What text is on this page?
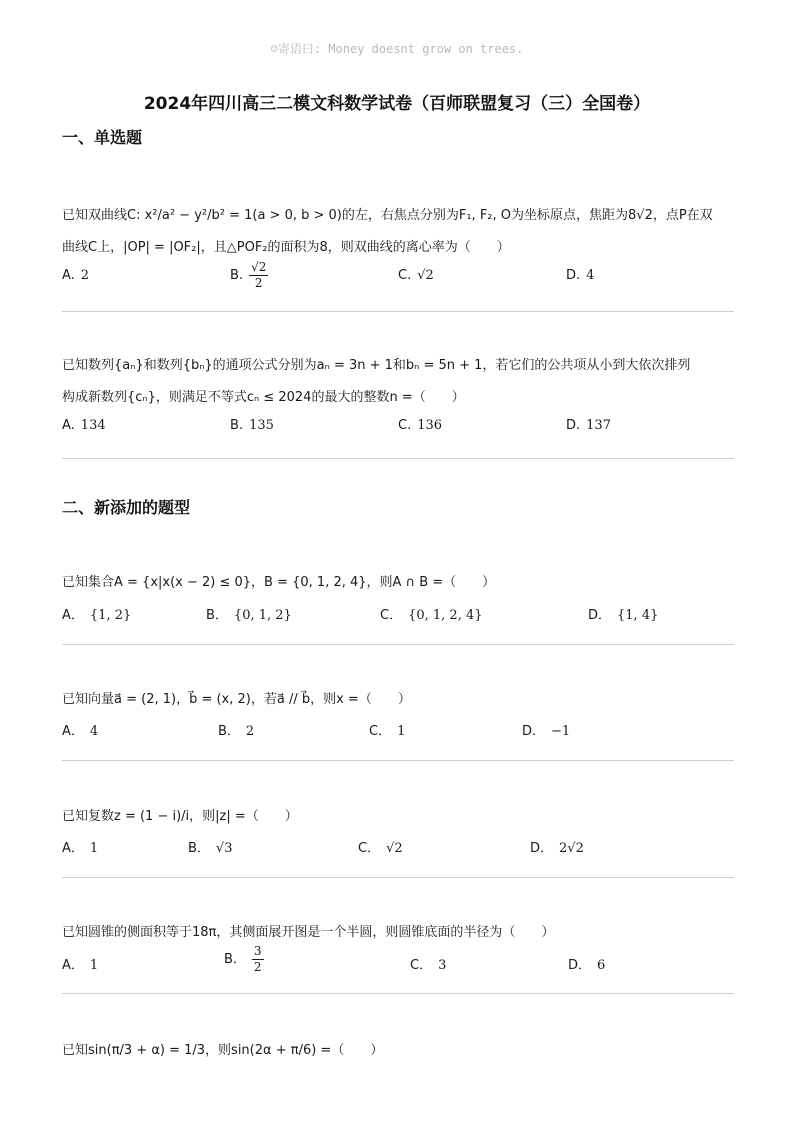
☺寄语曰: Money doesnt grow on trees.
2024年四川高三二模文科数学试卷（百师联盟复习（三）全国卷）
一、单选题
已知双曲线C: x²/a² − y²/b² = 1(a > 0, b > 0)的左，右焦点分别为F₁, F₂, O为坐标原点，焦距为8√2，点P在双
曲线C上，|OP| = |OF₂|，且△POF₂的面积为8，则双曲线的离心率为（　　）
A. 2	B. $\frac{√2}{2}$	C. √2	D. 4
已知数列{aₙ}和数列{bₙ}的通项公式分别为aₙ = 3n + 1和bₙ = 5n + 1，若它们的公共项从小到大依次排列
构成新数列{cₙ}，则满足不等式cₙ ≤ 2024的最大的整数n =（　　）
A. 134	B. 135	C. 136	D. 137
二、新添加的题型
已知集合A = {x|x(x − 2) ≤ 0}，B = {0, 1, 2, 4}，则A ∩ B =（　　）
A． {1, 2}	B． {0, 1, 2}	C． {0, 1, 2, 4}	D． {1, 4}
已知向量a⃗ = (2, 1)，b⃗ = (x, 2)，若a⃗ // b⃗，则x =（　　）
A． 4	B． 2	C． 1	D． −1
已知复数z = (1 − i)/i，则|z| =（　　）
A． 1	B． √3	C． √2	D． 2√2
已知圆锥的侧面积等于18π，其侧面展开图是一个半圆，则圆锥底面的半径为（　　）
A． 1	B． $\frac{3}{2}$	C． 3	D． 6
已知sin(π/3 + α) = 1/3，则sin(2α + π/6) =（　　）
